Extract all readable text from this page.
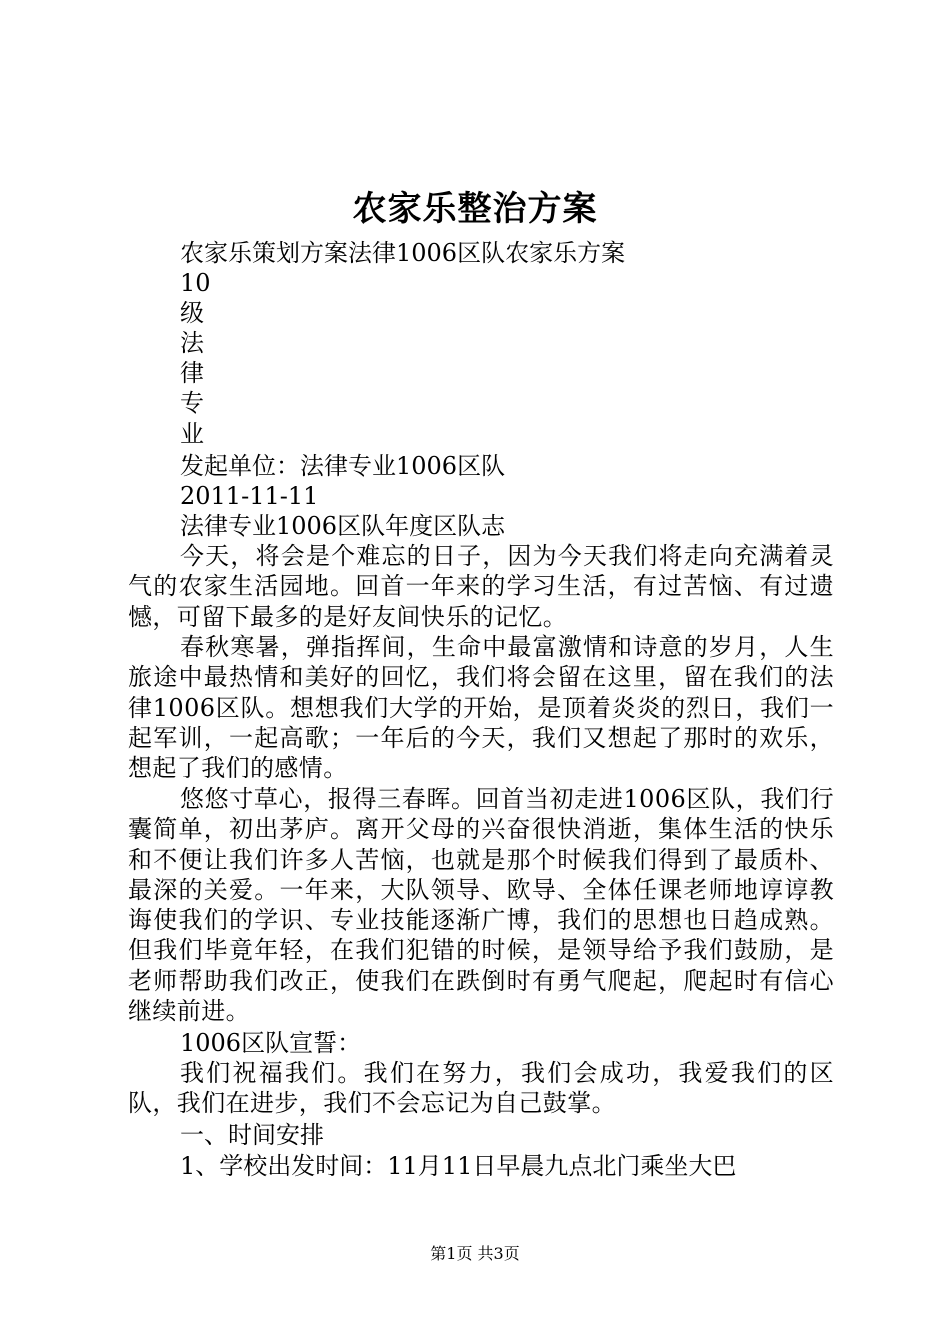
农家乐整治方案
农家乐策划方案法律1006区队农家乐方案
10
级
法
律
专
业
发起单位：法律专业1006区队
2011-11-11
法律专业1006区队年度区队志
今天，将会是个难忘的日子，因为今天我们将走向充满着灵气的农家生活园地。回首一年来的学习生活，有过苦恼、有过遗憾，可留下最多的是好友间快乐的记忆。
春秋寒暑，弹指挥间，生命中最富激情和诗意的岁月，人生旅途中最热情和美好的回忆，我们将会留在这里，留在我们的法律1006区队。想想我们大学的开始，是顶着炎炎的烈日，我们一起军训，一起高歌；一年后的今天，我们又想起了那时的欢乐，想起了我们的感情。
悠悠寸草心，报得三春晖。回首当初走进1006区队，我们行囊简单，初出茅庐。离开父母的兴奋很快消逝，集体生活的快乐和不便让我们许多人苦恼，也就是那个时候我们得到了最质朴、最深的关爱。一年来，大队领导、欧导、全体任课老师地谆谆教诲使我们的学识、专业技能逐渐广博，我们的思想也日趋成熟。但我们毕竟年轻，在我们犯错的时候，是领导给予我们鼓励，是老师帮助我们改正，使我们在跌倒时有勇气爬起，爬起时有信心继续前进。
1006区队宣誓：
我们祝福我们。我们在努力，我们会成功，我爱我们的区队，我们在进步，我们不会忘记为自己鼓掌。
一、时间安排
1、学校出发时间：11月11日早晨九点北门乘坐大巴
第1页 共3页
